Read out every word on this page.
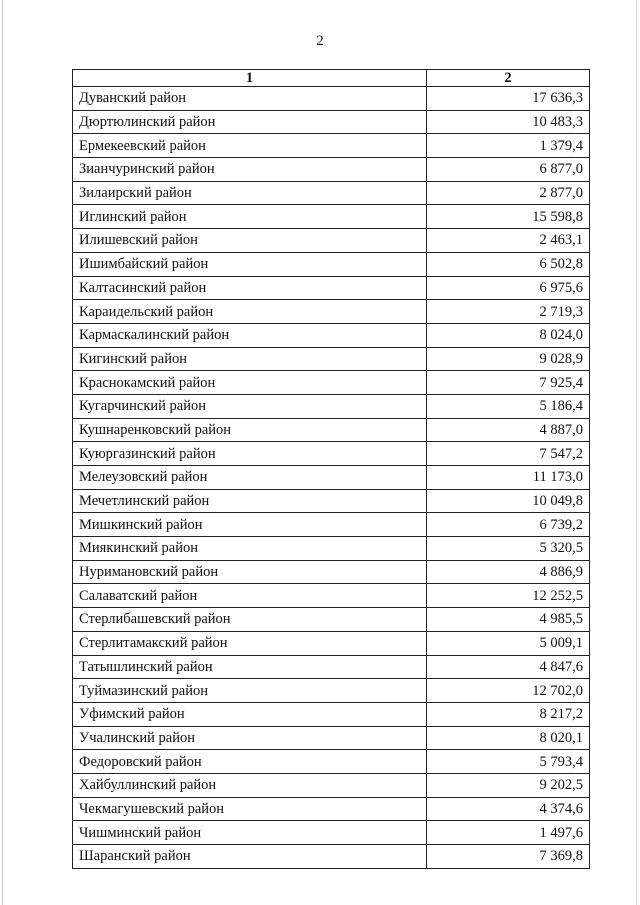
2
1	2
Дуванский район	17 636,3
Дюртюлинский район	10 483,3
Ермекеевский район	1 379,4
Зианчуринский район	6 877,0
Зилаирский район	2 877,0
Иглинский район	15 598,8
Илишевский район	2 463,1
Ишимбайский район	6 502,8
Калтасинский район	6 975,6
Караидельский район	2 719,3
Кармаскалинский район	8 024,0
Кигинский район	9 028,9
Краснокамский район	7 925,4
Кугарчинский район	5 186,4
Кушнаренковский район	4 887,0
Куюргазинский район	7 547,2
Мелеузовский район	11 173,0
Мечетлинский район	10 049,8
Мишкинский район	6 739,2
Миякинский район	5 320,5
Нуримановский район	4 886,9
Салаватский район	12 252,5
Стерлибашевский район	4 985,5
Стерлитамакский район	5 009,1
Татышлинский район	4 847,6
Туймазинский район	12 702,0
Уфимский район	8 217,2
Учалинский район	8 020,1
Федоровский район	5 793,4
Хайбуллинский район	9 202,5
Чекмагушевский район	4 374,6
Чишминский район	1 497,6
Шаранский район	7 369,8
